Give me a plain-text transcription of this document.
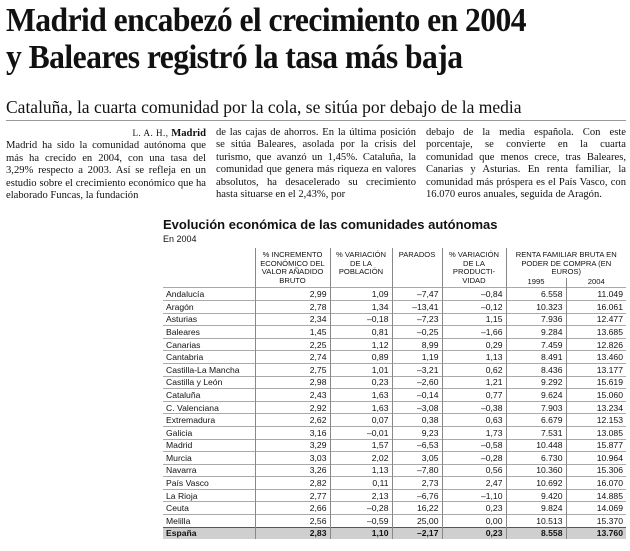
Madrid encabezó el crecimiento en 2004
y Baleares registró la tasa más baja

Cataluña, la cuarta comunidad por la cola, se sitúa por debajo de la media

L. A. H., Madrid
Madrid ha sido la comunidad autónoma que más ha crecido en 2004, con una tasa del 3,29% respecto a 2003. Así se refleja en un estudio sobre el crecimiento económico que ha elaborado Funcas, la fundación
de las cajas de ahorros. En la última posición se sitúa Baleares, asolada por la crisis del turismo, que avanzó un 1,45%. Cataluña, la comunidad que genera más riqueza en valores absolutos, ha desacelerado su crecimiento hasta situarse en el 2,43%, por
debajo de la media española. Con este porcentaje, se convierte en la cuarta comunidad que menos crece, tras Baleares, Canarias y Asturias. En renta familiar, la comunidad más próspera es el País Vasco, con 16.070 euros anuales, seguida de Aragón.

Evolución económica de las comunidades autónomas

En 2004

	% INCREMENTO ECONÓMICO DEL VALOR AÑADIDO BRUTO	% VARIACIÓN DE LA POBLACIÓN	PARADOS	% VARIACIÓN DE LA PRODUCTI- VIDAD	RENTA FAMILIAR BRUTA EN PODER DE COMPRA (EN EUROS)	
					1995	2004
Andalucía	2,99	1,09	–7,47	–0,84	6.558	11.049
Aragón	2,78	1,34	–13,41	–0,12	10.323	16.061
Asturias	2,34	–0,18	–7,23	1,15	7.936	12.477
Baleares	1,45	0,81	–0,25	–1,66	9.284	13.685
Canarias	2,25	1,12	8,99	0,29	7.459	12.826
Cantabria	2,74	0,89	1,19	1,13	8.491	13.460
Castilla-La Mancha	2,75	1,01	–3,21	0,62	8.436	13.177
Castilla y León	2,98	0,23	–2,60	1,21	9.292	15.619
Cataluña	2,43	1,63	–0,14	0,77	9.624	15.060
C. Valenciana	2,92	1,63	–3,08	–0,38	7.903	13.234
Extremadura	2,62	0,07	0,38	0,63	6.679	12.153
Galicia	3,16	–0,01	9,23	1,73	7.531	13.085
Madrid	3,29	1,57	–6,53	–0,58	10.448	15.877
Murcia	3,03	2,02	3,05	–0,28	6.730	10.964
Navarra	3,26	1,13	–7,80	0,56	10.360	15.306
País Vasco	2,82	0,11	2,73	2,47	10.692	16.070
La Rioja	2,77	2,13	–6,76	–1,10	9.420	14.885
Ceuta	2,66	–0,28	16,22	0,23	9.824	14.069
Melilla	2,56	–0,59	25,00	0,00	10.513	15.370
España	2,83	1,10	–2,17	0,23	8.558	13.760
